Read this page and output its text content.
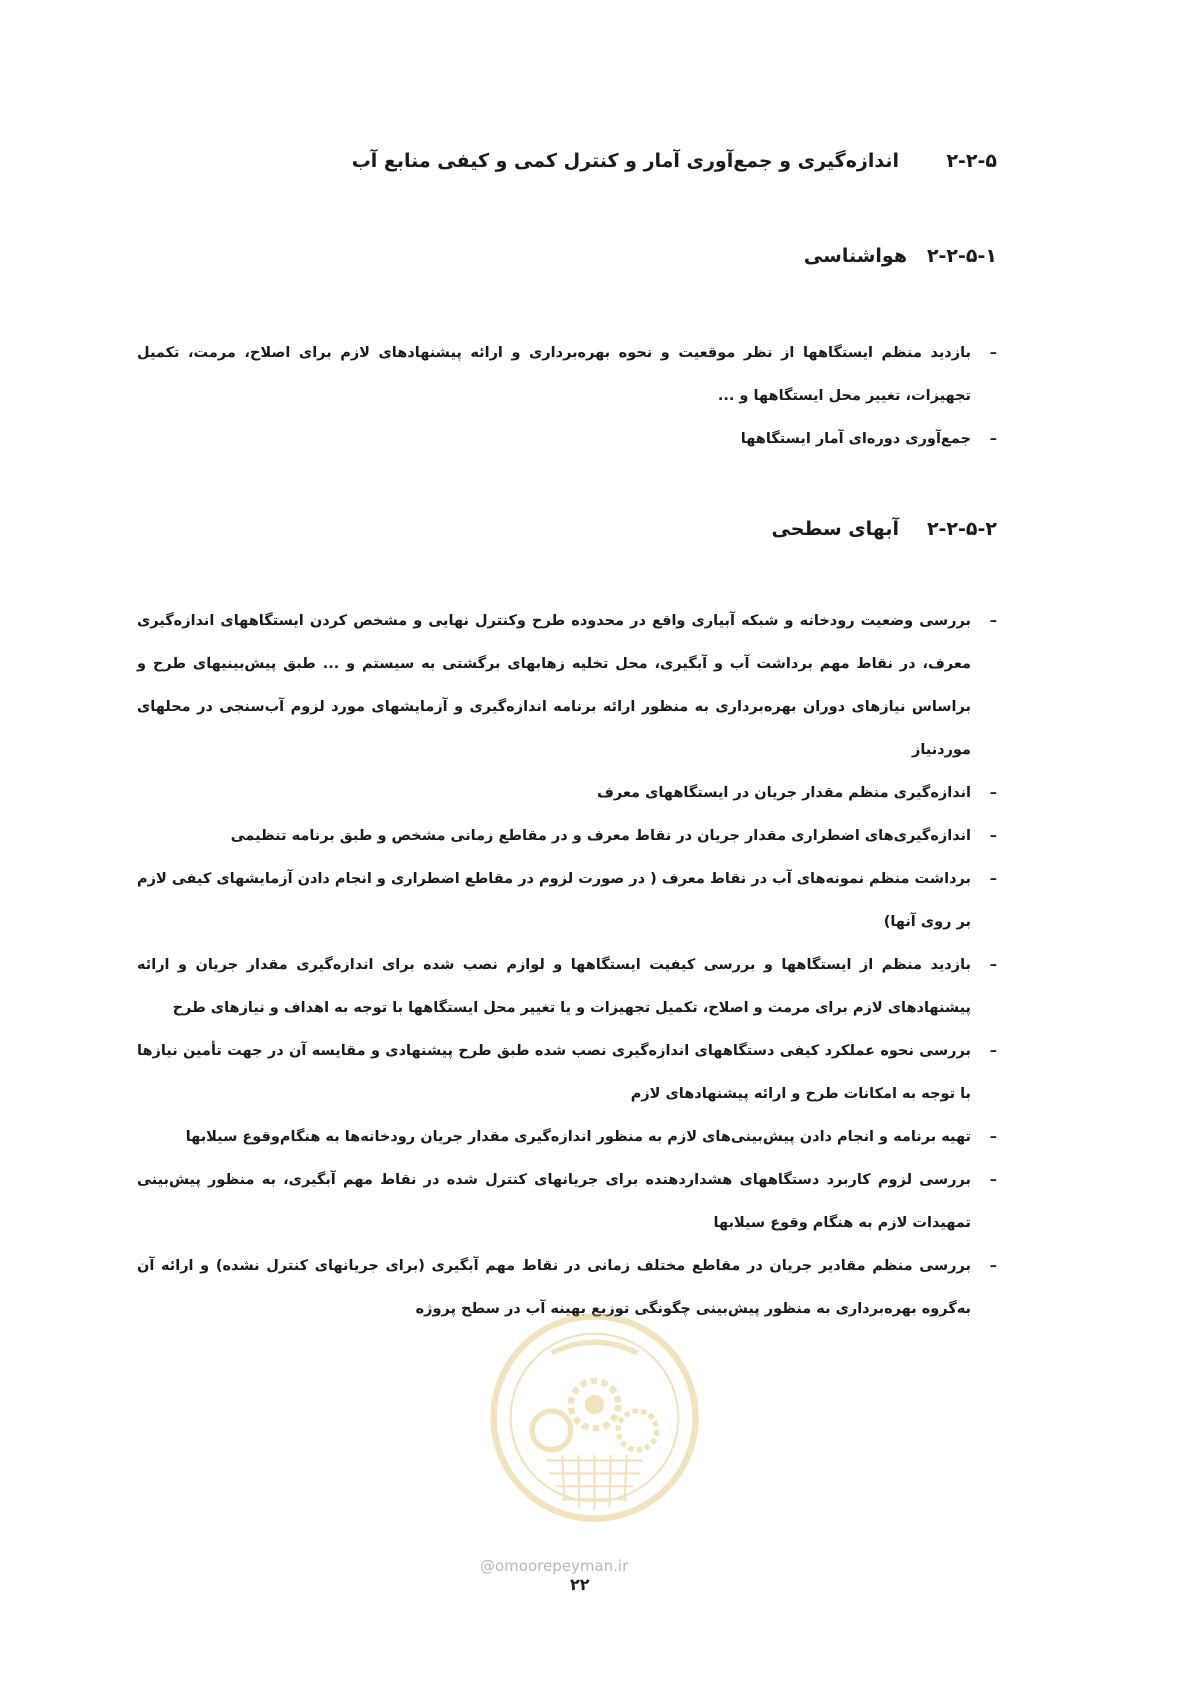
۲-۲-۵
اندازه‌گیری و جمع‌آوری آمار و کنترل کمی و کیفی منابع آب
۲-۲-۵-۱
هواشناسی
–
بازدید منظم ایستگاهها از نظر موقعیت و نحوه بهره‌برداری و ارائه پیشنهادهای لازم برای اصلاح، مرمت، تکمیل تجهیزات، تغییر محل ایستگاهها و ...
–
جمع‌آوری دوره‌ای آمار ایستگاهها
۲-۲-۵-۲
آبهای سطحی
–
بررسی وضعیت رودخانه و شبکه آبیاری واقع در محدوده طرح وکنترل نهایی و مشخص کردن ایستگاههای اندازه‌گیری معرف، در نقاط مهم برداشت آب و آبگیری، محل تخلیه زهابهای برگشتی به سیستم و ... طبق پیش‌بینیهای طرح و براساس نیازهای دوران بهره‌برداری به منظور ارائه برنامه اندازه‌گیری و آزمایشهای مورد لزوم آب‌سنجی در محلهای موردنیاز
–
اندازه‌گیری منظم مقدار جریان در ایستگاههای معرف
–
اندازه‌گیری‌های اضطراری مقدار جریان در نقاط معرف و در مقاطع زمانی مشخص و طبق برنامه تنظیمی
–
برداشت منظم نمونه‌های آب در نقاط معرف ( در صورت لزوم در مقاطع اضطراری و انجام دادن آزمایشهای کیفی لازم بر روی آنها)
–
بازدید منظم از ایستگاهها و بررسی کیفیت ایستگاهها و لوازم نصب شده برای اندازه‌گیری مقدار جریان و ارائه پیشنهادهای لازم برای مرمت و اصلاح، تکمیل تجهیزات و یا تغییر محل ایستگاهها با توجه به اهداف و نیازهای طرح
–
بررسی نحوه عملکرد کیفی دستگاههای اندازه‌گیری نصب شده طبق طرح پیشنهادی و مقایسه آن در جهت تأمین نیازها با توجه به امکانات طرح و ارائه پیشنهادهای لازم
–
تهیه برنامه و انجام دادن پیش‌بینی‌های لازم به منظور اندازه‌گیری مقدار جریان رودخانه‌ها به هنگام‌وقوع سیلابها
–
بررسی لزوم کاربرد دستگاههای هشداردهنده برای جریانهای کنترل شده در نقاط مهم آبگیری، به منظور پیش‌بینی تمهیدات لازم به هنگام وقوع سیلابها
–
بررسی منظم مقادیر جریان در مقاطع مختلف زمانی در نقاط مهم آبگیری (برای جریانهای کنترل نشده) و ارائه آن به‌گروه بهره‌برداری به منظور پیش‌بینی چگونگی توزیع بهینه آب در سطح پروژه
@omoorepeyman.ir
۲۲
